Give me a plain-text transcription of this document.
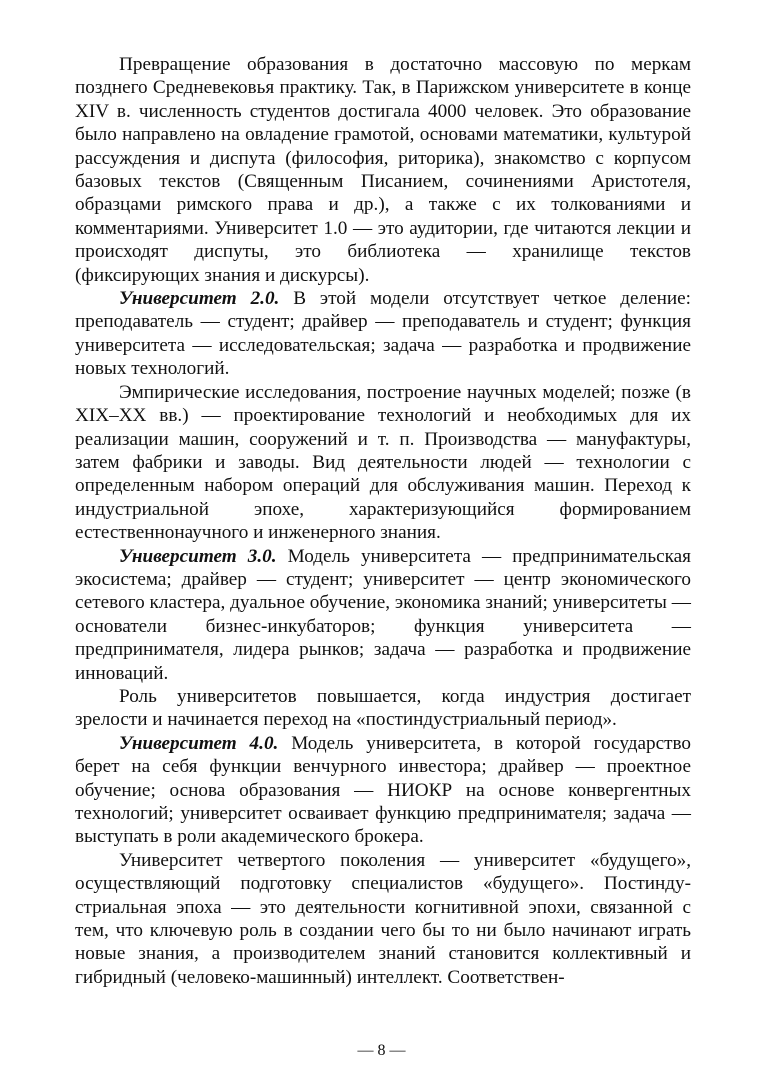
Превращение образования в достаточно массовую по меркам позднего Средневековья практику. Так, в Парижском университете в конце XIV в. численность студентов достигала 4000 человек. Это образование было направлено на овладение грамотой, основами математики, культурой рассуждения и диспута (философия, риторика), знакомство с корпусом базовых текстов (Священным Писанием, сочинениями Аристотеля, образцами римского права и др.), а также с их толкованиями и комментариями. Университет 1.0 — это аудитории, где читаются лекции и происходят диспуты, это библиотека — хранилище текстов (фиксирующих знания и дискурсы).

Университет 2.0. В этой модели отсутствует четкое деление: преподаватель — студент; драйвер — преподаватель и студент; функция университета — исследовательская; задача — разработка и продвижение новых технологий.

Эмпирические исследования, построение научных моделей; позже (в XIX–XX вв.) — проектирование технологий и необходимых для их реализации машин, сооружений и т. п. Производства — мануфактуры, затем фабрики и заводы. Вид деятельности людей — технологии с определенным набором операций для обслуживания машин. Переход к индустриальной эпохе, характеризующийся формированием естественнонаучного и инженерного знания.

Университет 3.0. Модель университета — предпринимательская экосистема; драйвер — студент; университет — центр экономического сетевого кластера, дуальное обучение, экономика знаний; университеты — основатели бизнес-инкубаторов; функция университета — предпринимателя, лидера рынков; задача — разработка и продвижение инноваций.

Роль университетов повышается, когда индустрия достигает зрелости и начинается переход на «постиндустриальный период».

Университет 4.0. Модель университета, в которой государство берет на себя функции венчурного инвестора; драйвер — проектное обучение; основа образования — НИОКР на основе конвергентных технологий; университет осваивает функцию предпринимателя; задача — выступать в роли академического брокера.

Университет четвертого поколения — университет «будущего», осуществляющий подготовку специалистов «будущего». Постиндустриальная эпоха — это деятельности когнитивной эпохи, связанной с тем, что ключевую роль в создании чего бы то ни было начинают играть новые знания, а производителем знаний становится коллективный и гибридный (человеко-машинный) интеллект. Соответствен-

— 8 —
